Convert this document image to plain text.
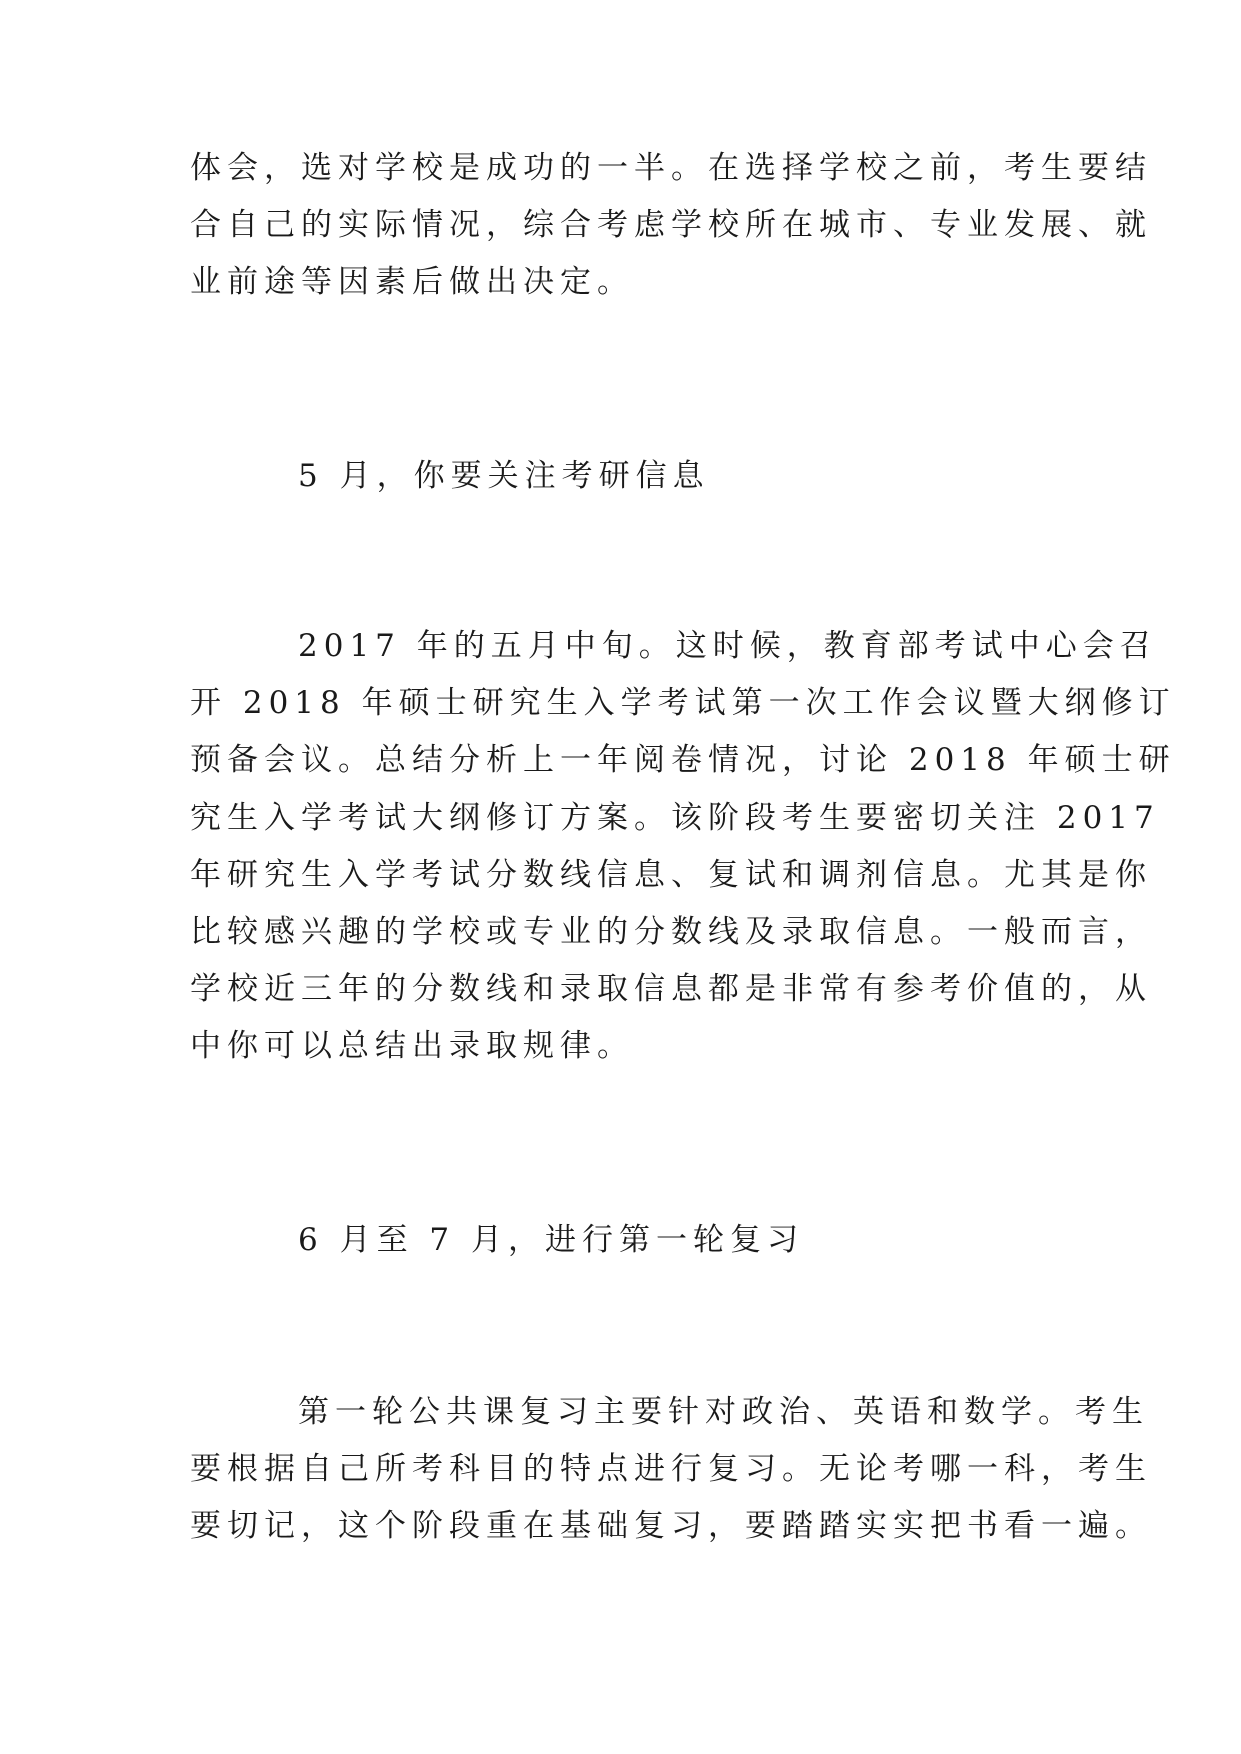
体会，选对学校是成功的一半。在选择学校之前，考生要结
合自己的实际情况，综合考虑学校所在城市、专业发展、就
业前途等因素后做出决定。
5 月，你要关注考研信息
2017 年的五月中旬。这时候，教育部考试中心会召
开 2018 年硕士研究生入学考试第一次工作会议暨大纲修订
预备会议。总结分析上一年阅卷情况，讨论 2018 年硕士研
究生入学考试大纲修订方案。该阶段考生要密切关注 2017
年研究生入学考试分数线信息、复试和调剂信息。尤其是你
比较感兴趣的学校或专业的分数线及录取信息。一般而言，
学校近三年的分数线和录取信息都是非常有参考价值的，从
中你可以总结出录取规律。
6 月至 7 月，进行第一轮复习
第一轮公共课复习主要针对政治、英语和数学。考生
要根据自己所考科目的特点进行复习。无论考哪一科，考生
要切记，这个阶段重在基础复习，要踏踏实实把书看一遍。
